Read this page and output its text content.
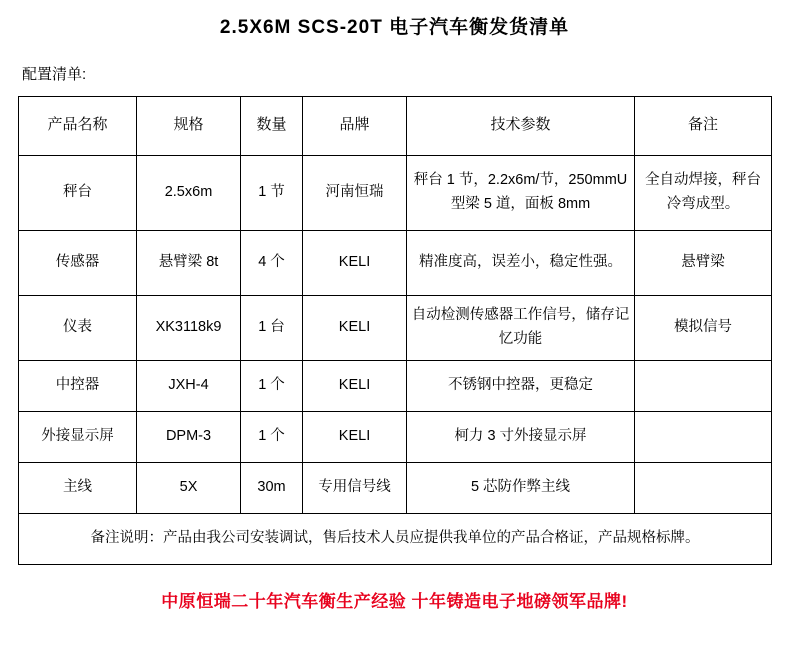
2.5X6M SCS-20T 电子汽车衡发货清单
配置清单:
产品名称	规格	数量	品牌	技术参数	备注
秤台	2.5x6m	1 节	河南恒瑞	秤台 1 节，2.2x6m/节，250mmU 型梁 5 道，面板 8mm	全自动焊接，秤台冷弯成型。
传感器	悬臂梁 8t	4 个	KELI	精准度高，误差小，稳定性强。	悬臂梁
仪表	XK3118k9	1 台	KELI	自动检测传感器工作信号，储存记忆功能	模拟信号
中控器	JXH-4	1 个	KELI	不锈钢中控器，更稳定	
外接显示屏	DPM-3	1 个	KELI	柯力 3 寸外接显示屏	
主线	5X	30m	专用信号线	5 芯防作弊主线	
备注说明：产品由我公司安装调试，售后技术人员应提供我单位的产品合格证，产品规格标牌。					
中原恒瑞二十年汽车衡生产经验 十年铸造电子地磅领军品牌!
